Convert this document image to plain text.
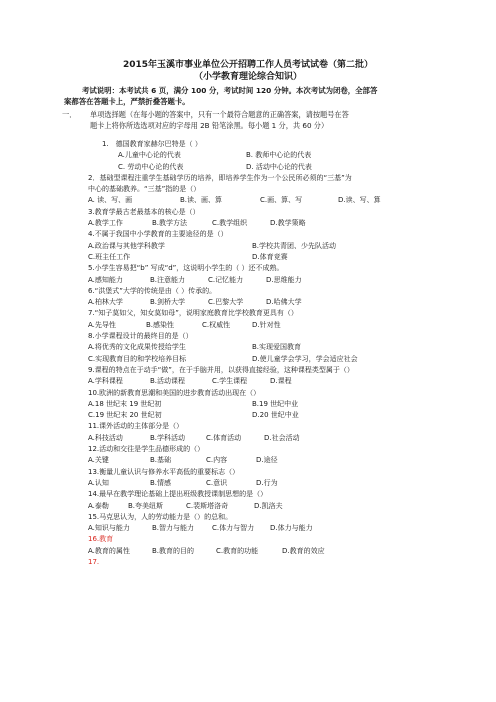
2015年玉溪市事业单位公开招聘工作人员考试试卷（第二批）
（小学教育理论综合知识）
考试说明：本考试共 6 页，满分 100 分，考试时间 120 分钟。本次考试为闭卷，全部答
案都答在答题卡上，严禁折叠答题卡。
一． 单项选择题（在每小题的答案中，只有一个最符合题意的正确答案，请按题号在答
题卡上将你所选选项对应的字母用 2B 铅笔涂黑。每小题 1 分，共 60 分）
1.　德国教育家赫尔巴特是（ ）
A.儿童中心论的代表	B. 教师中心论的代表
C. 劳动中心论的代表	D. 活动中心论的代表
2．基础型课程注重学生基础学历的培养，即培养学生作为一个公民所必须的“三基”为
中心的基础教养。“三基”指的是（）
A. 读、写、画	B.读、画、算	C.画、算、写	D.读、写、算
3.教育学最古老最基本的核心是（）
A.教学工作	B.教学方法	C.教学组织	D.教学策略
4.不属于我国中小学教育的主要途径的是（）
A.政治课与其他学科教学	B.学校共青团、少先队活动
C.班主任工作	D.体育竞赛
5.小学生容易把“b” 写成“d”，这说明小学生的（ ）还不成熟。
A.感知能力	B.注意能力	C.记忆能力	D.思维能力
6.“洪堡式”大学的传统是由（ ）传承的。
A.柏林大学	B.剑桥大学	C.巴黎大学	D.哈佛大学
7.“知子莫如父，知女莫如母”，说明家庭教育比学校教育更具有（）
A.先导性	B.感染性	C.权威性	D.针对性
8.小学课程设计的最终目的是（）
A.将优秀的文化成果传授给学生	B.实现爱国教育
C.实现教育目的和学校培养目标	D.使儿童学会学习，学会适应社会
9.课程的特点在于动手“做”，在于手脑并用，以获得直接经验，这种课程类型属于（）
A.学科课程	B.活动课程	C.学生课程	D.课程
10.欧洲的新教育思潮和美国的进步教育活动出现在（）
A.18 世纪末 19 世纪初	B.19 世纪中业
C.19 世纪末 20 世纪初	D.20 世纪中业
11.课外活动的主体部分是（）
A.科技活动	B.学科活动	C.体育活动	D.社会活动
12.活动和交往是学生品德形成的（）
A.关键	B.基础	C.内容	D.途径
13.衡量儿童认识与修养水平高低的重要标志（）
A.认知	B.情感	C.意识	D.行为
14.最早在教学理论基础上提出班级教授课制思想的是（）
A.泰勒	B.夸美纽斯	C.裴斯塔洛奇	D.凯洛夫
15.马克思认为，人的劳动能力是（）的总和。
A.知识与能力	B.智力与能力	C.体力与智力	D.体力与能力
16.教育
A.教育的属性	B.教育的目的	C.教育的功能	D.教育的效应
17.
